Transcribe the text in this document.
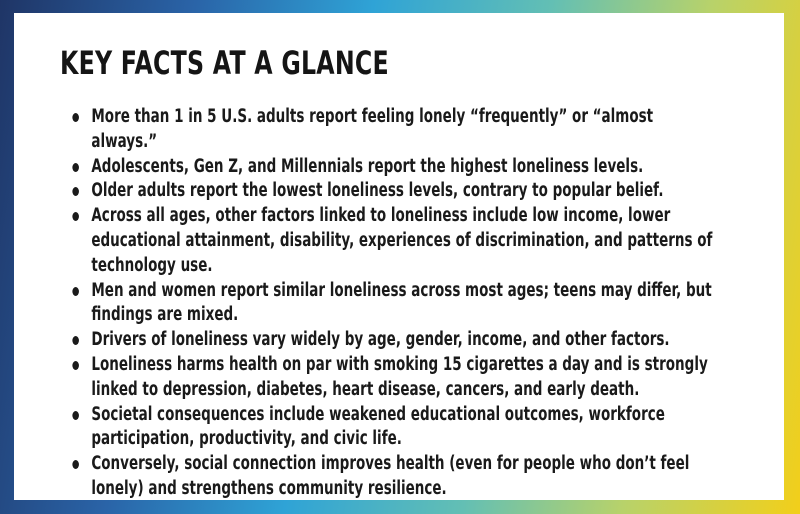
KEY FACTS AT A GLANCE
More than 1 in 5 U.S. adults report feeling lonely “frequently” or “almost always.”
Adolescents, Gen Z, and Millennials report the highest loneliness levels.
Older adults report the lowest loneliness levels, contrary to popular belief.
Across all ages, other factors linked to loneliness include low income, lower educational attainment, disability, experiences of discrimination, and patterns of technology use.
Men and women report similar loneliness across most ages; teens may differ, but findings are mixed.
Drivers of loneliness vary widely by age, gender, income, and other factors.
Loneliness harms health on par with smoking 15 cigarettes a day and is strongly linked to depression, diabetes, heart disease, cancers, and early death.
Societal consequences include weakened educational outcomes, workforce participation, productivity, and civic life.
Conversely, social connection improves health (even for people who don’t feel lonely) and strengthens community resilience.
